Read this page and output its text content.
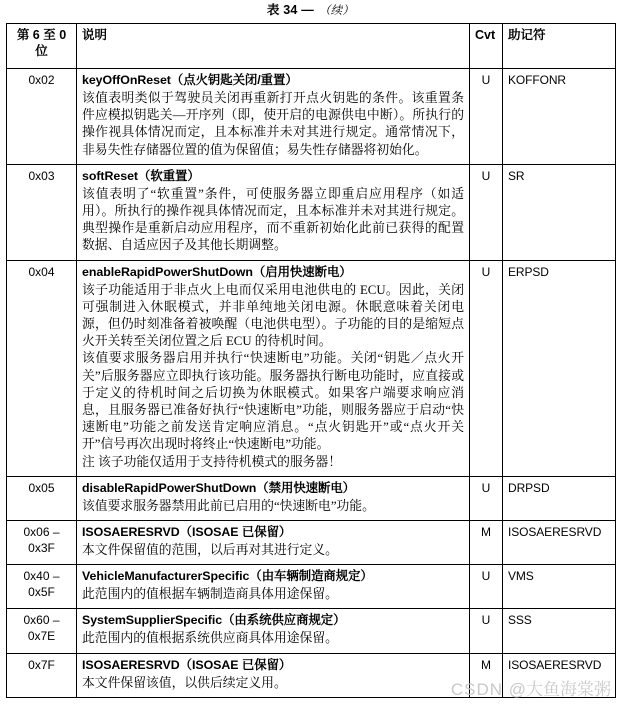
表 34 — （续）
第 6 至 0
位	说明	Cvt	助记符

0x02	keyOffOnReset（点火钥匙关闭/重置）
该值表明类似于驾驶员关闭再重新打开点火钥匙的条件。该重置条件应模拟钥匙关—开序列（即，使开启的电源供电中断）。所执行的操作视具体情况而定，且本标准并未对其进行规定。通常情况下，非易失性存储器位置的值为保留值；易失性存储器将初始化。	U	KOFFONR

0x03	softReset（软重置）
该值表明了“软重置”条件，可使服务器立即重启应用程序（如适用）。所执行的操作视具体情况而定，且本标准并未对其进行规定。典型操作是重新启动应用程序，而不重新初始化此前已获得的配置数据、自适应因子及其他长期调整。	U	SR

0x04	enableRapidPowerShutDown（启用快速断电）
该子功能适用于非点火上电而仅采用电池供电的 ECU。因此，关闭可强制进入休眠模式，并非单纯地关闭电源。休眠意味着关闭电源，但仍时刻准备着被唤醒（电池供电型）。子功能的目的是缩短点火开关转至关闭位置之后 ECU 的待机时间。
该值要求服务器启用并执行“快速断电”功能。关闭“钥匙／点火开关”后服务器应立即执行该功能。服务器执行断电功能时，应直接或于定义的待机时间之后切换为休眠模式。如果客户端要求响应消息，且服务器已准备好执行“快速断电”功能，则服务器应于启动“快速断电”功能之前发送肯定响应消息。“点火钥匙开”或“点火开关开”信号再次出现时将终止“快速断电”功能。
注 该子功能仅适用于支持待机模式的服务器！	U	ERPSD

0x05	disableRapidPowerShutDown（禁用快速断电）
该值要求服务器禁用此前已启用的“快速断电”功能。	U	DRPSD

0x06 –
0x3F	ISOSAERESRVD（ISOSAE 已保留）
本文件保留值的范围，以后再对其进行定义。	M	ISOSAERESRVD

0x40 –
0x5F	VehicleManufacturerSpecific（由车辆制造商规定）
此范围内的值根据车辆制造商具体用途保留。	U	VMS

0x60 –
0x7E	SystemSupplierSpecific（由系统供应商规定）
此范围内的值根据系统供应商具体用途保留。	U	SSS

0x7F	ISOSAERESRVD（ISOSAE 已保留）
本文件保留该值，以供后续定义用。	M	ISOSAERESRVD
CSDN @大鱼海棠粥
